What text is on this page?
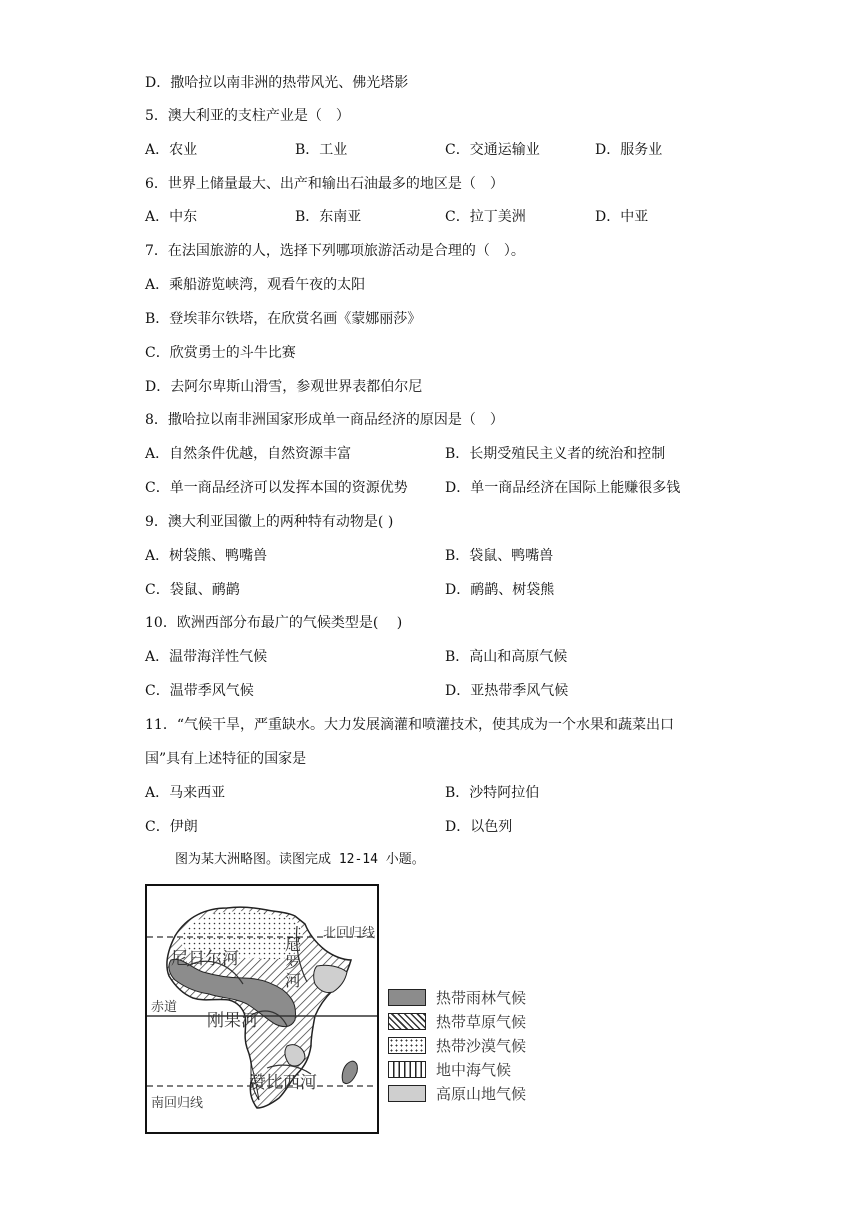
D．撒哈拉以南非洲的热带风光、佛光塔影
5．澳大利亚的支柱产业是（　）
A．农业	B．工业	C．交通运输业	D．服务业
6．世界上储量最大、出产和输出石油最多的地区是（　）
A．中东	B．东南亚	C．拉丁美洲	D．中亚
7．在法国旅游的人，选择下列哪项旅游活动是合理的（　）。
A．乘船游览峡湾，观看午夜的太阳
B．登埃菲尔铁塔，在欣赏名画《蒙娜丽莎》
C．欣赏勇士的斗牛比赛
D．去阿尔卑斯山滑雪，参观世界表都伯尔尼
8．撒哈拉以南非洲国家形成单一商品经济的原因是（　）
A．自然条件优越，自然资源丰富	B．长期受殖民主义者的统治和控制
C．单一商品经济可以发挥本国的资源优势	D．单一商品经济在国际上能赚很多钱
9．澳大利亚国徽上的两种特有动物是( )
A．树袋熊、鸭嘴兽	B．袋鼠、鸭嘴兽
C．袋鼠、鸸鹋	D．鸸鹋、树袋熊
10．欧洲西部分布最广的气候类型是(　 )
A．温带海洋性气候	B．高山和高原气候
C．温带季风气候	D．亚热带季风气候
11．“气候干旱，严重缺水。大力发展滴灌和喷灌技术，使其成为一个水果和蔬菜出口
国”具有上述特征的国家是
A．马来西亚	B．沙特阿拉伯
C．伊朗	D．以色列
图为某大洲略图。读图完成 12-14 小题。
北回归线
赤道
南回归线
尼日尔河
尼罗河
刚果河
赞比西河
热带雨林气候
热带草原气候
热带沙漠气候
地中海气候
高原山地气候
